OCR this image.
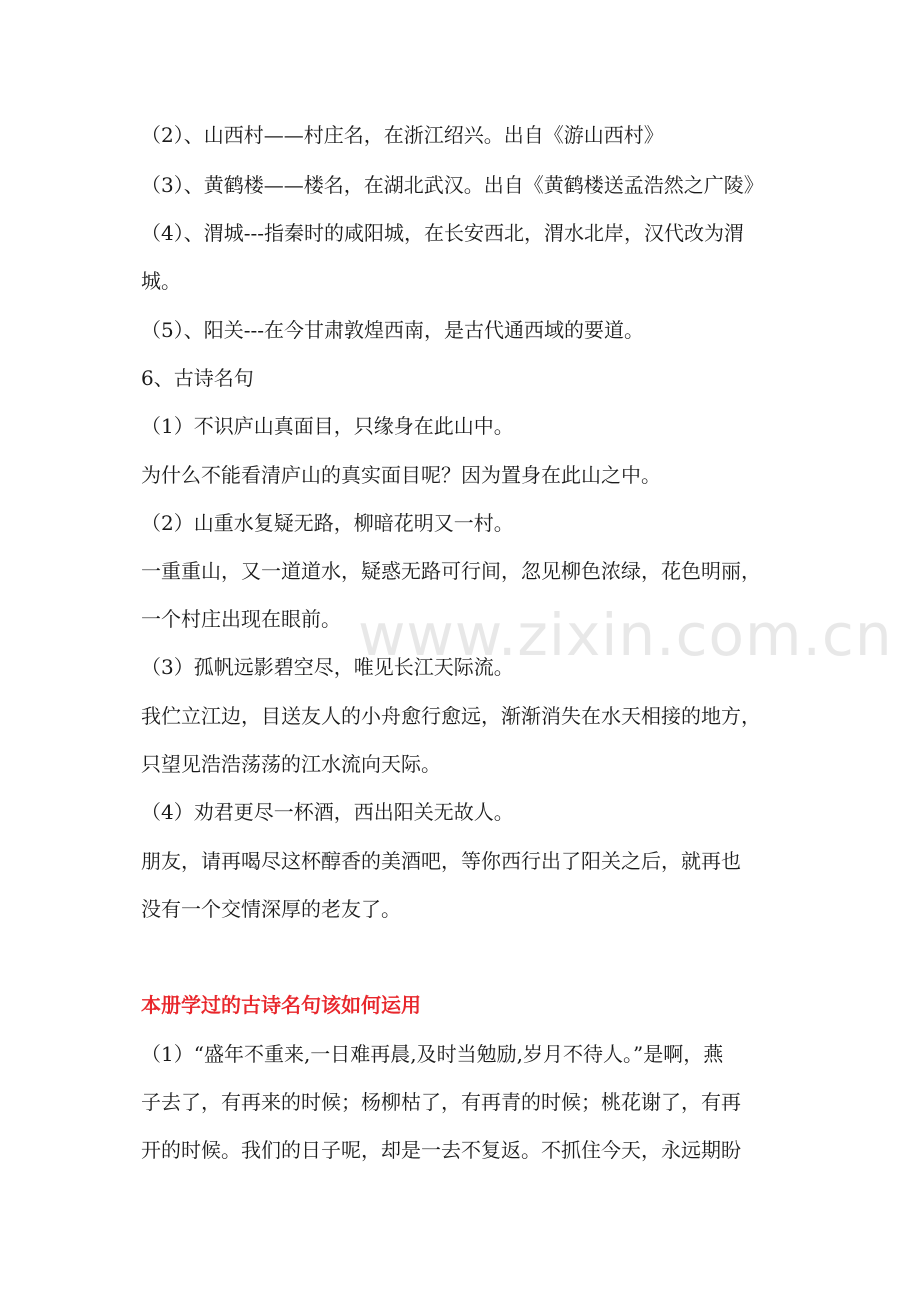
www.zixin.com.cn
（2）、山西村——村庄名，在浙江绍兴。出自《游山西村》
（3）、黄鹤楼——楼名，在湖北武汉。出自《黄鹤楼送孟浩然之广陵》
（4）、渭城---指秦时的咸阳城，在长安西北，渭水北岸，汉代改为渭
城。
（5）、阳关---在今甘肃敦煌西南，是古代通西域的要道。
6、古诗名句
（1）不识庐山真面目，只缘身在此山中。
为什么不能看清庐山的真实面目呢？因为置身在此山之中。
（2）山重水复疑无路，柳暗花明又一村。
一重重山，又一道道水，疑惑无路可行间，忽见柳色浓绿，花色明丽，
一个村庄出现在眼前。
（3）孤帆远影碧空尽，唯见长江天际流。
我伫立江边，目送友人的小舟愈行愈远，渐渐消失在水天相接的地方，
只望见浩浩荡荡的江水流向天际。
（4）劝君更尽一杯酒，西出阳关无故人。
朋友，请再喝尽这杯醇香的美酒吧，等你西行出了阳关之后，就再也
没有一个交情深厚的老友了。
本册学过的古诗名句该如何运用
（1）“盛年不重来,一日难再晨,及时当勉励,岁月不待人。”是啊，燕
子去了，有再来的时候；杨柳枯了，有再青的时候；桃花谢了，有再
开的时候。我们的日子呢，却是一去不复返。不抓住今天，永远期盼
